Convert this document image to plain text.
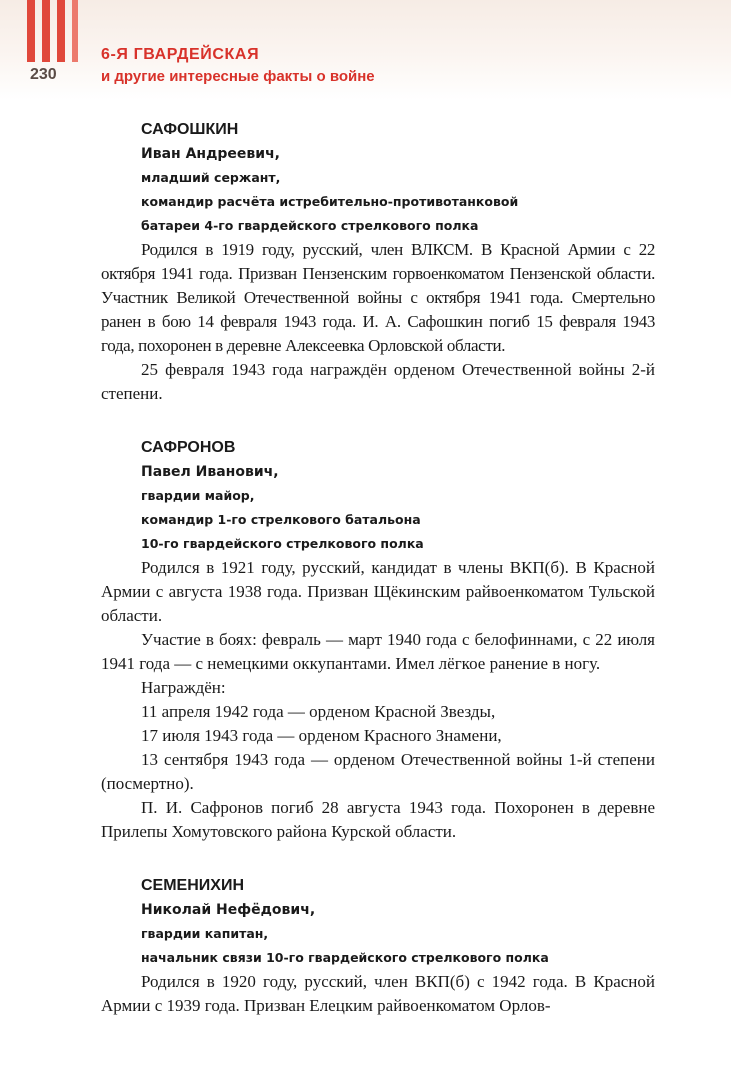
230
6-Я ГВАРДЕЙСКАЯ
и другие интересные факты о войне
САФОШКИН
Иван Андреевич,
младший сержант,
командир расчёта истребительно-противотанковой
батареи 4-го гвардейского стрелкового полка

Родился в 1919 году, русский, член ВЛКСМ. В Красной Армии с 22 октября 1941 года. Призван Пензенским горвоенкоматом Пензенской области. Участник Великой Отечественной войны с октября 1941 года. Смертельно ранен в бою 14 февраля 1943 года. И. А. Сафошкин погиб 15 февраля 1943 года, похоронен в деревне Алексеевка Орловской области.

25 февраля 1943 года награждён орденом Отечественной войны 2-й степени.

САФРОНОВ
Павел Иванович,
гвардии майор,
командир 1-го стрелкового батальона
10-го гвардейского стрелкового полка

Родился в 1921 году, русский, кандидат в члены ВКП(б). В Красной Армии с августа 1938 года. Призван Щёкинским райвоенкоматом Тульской области.

Участие в боях: февраль — март 1940 года с белофиннами, с 22 июля 1941 года — с немецкими оккупантами. Имел лёгкое ранение в ногу.

Награждён:

11 апреля 1942 года — орденом Красной Звезды,

17 июля 1943 года — орденом Красного Знамени,

13 сентября 1943 года — орденом Отечественной войны 1-й степени (посмертно).

П. И. Сафронов погиб 28 августа 1943 года. Похоронен в деревне Прилепы Хомутовского района Курской области.

СЕМЕНИХИН
Николай Нефёдович,
гвардии капитан,
начальник связи 10-го гвардейского стрелкового полка

Родился в 1920 году, русский, член ВКП(б) с 1942 года. В Красной Армии с 1939 года. Призван Елецким райвоенкоматом Орлов-
